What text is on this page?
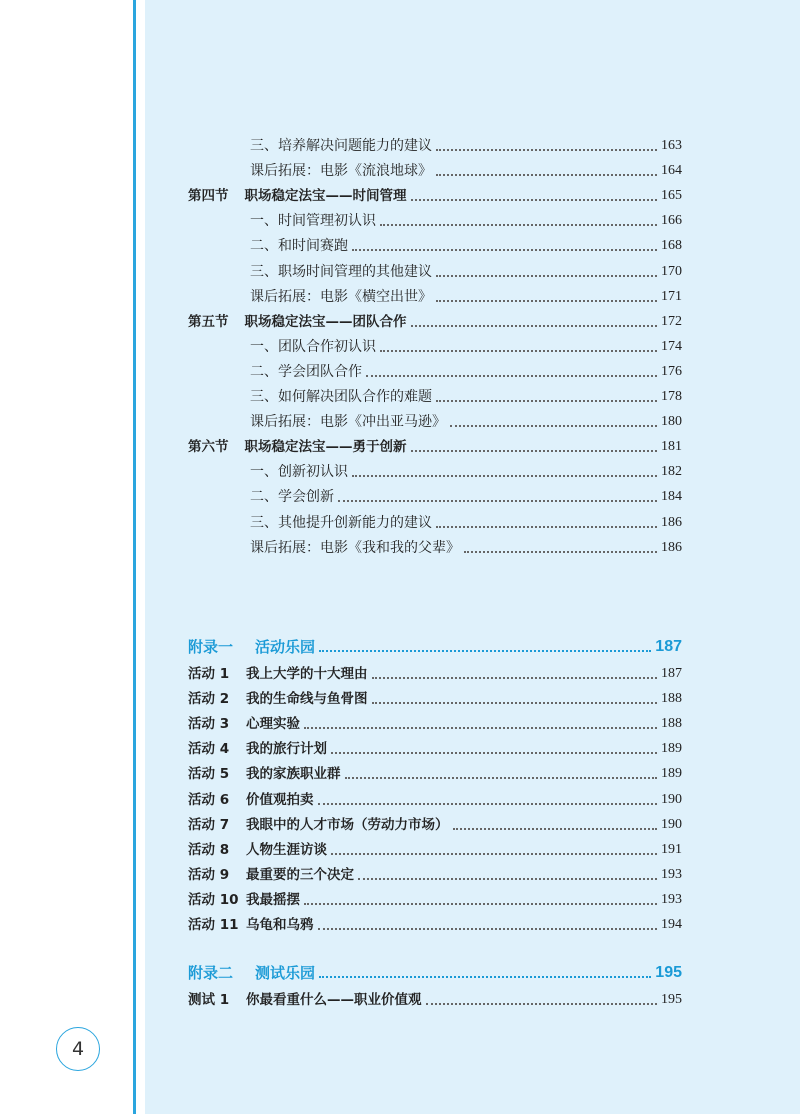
4
三、培养解决问题能力的建议	163
课后拓展：电影《流浪地球》	164
第四节 职场稳定法宝——时间管理	165
一、时间管理初认识	166
二、和时间赛跑	168
三、职场时间管理的其他建议	170
课后拓展：电影《横空出世》	171
第五节 职场稳定法宝——团队合作	172
一、团队合作初认识	174
二、学会团队合作	176
三、如何解决团队合作的难题	178
课后拓展：电影《冲出亚马逊》	180
第六节 职场稳定法宝——勇于创新	181
一、创新初认识	182
二、学会创新	184
三、其他提升创新能力的建议	186
课后拓展：电影《我和我的父辈》	186
附录一 活动乐园	187
活动 1	我上大学的十大理由	187
活动 2	我的生命线与鱼骨图	188
活动 3	心理实验	188
活动 4	我的旅行计划	189
活动 5	我的家族职业群	189
活动 6	价值观拍卖	190
活动 7	我眼中的人才市场（劳动力市场）	190
活动 8	人物生涯访谈	191
活动 9	最重要的三个决定	193
活动 10 我最摇摆	193
活动 11 乌龟和乌鸦	194
附录二 测试乐园	195
测试 1	你最看重什么——职业价值观	195
